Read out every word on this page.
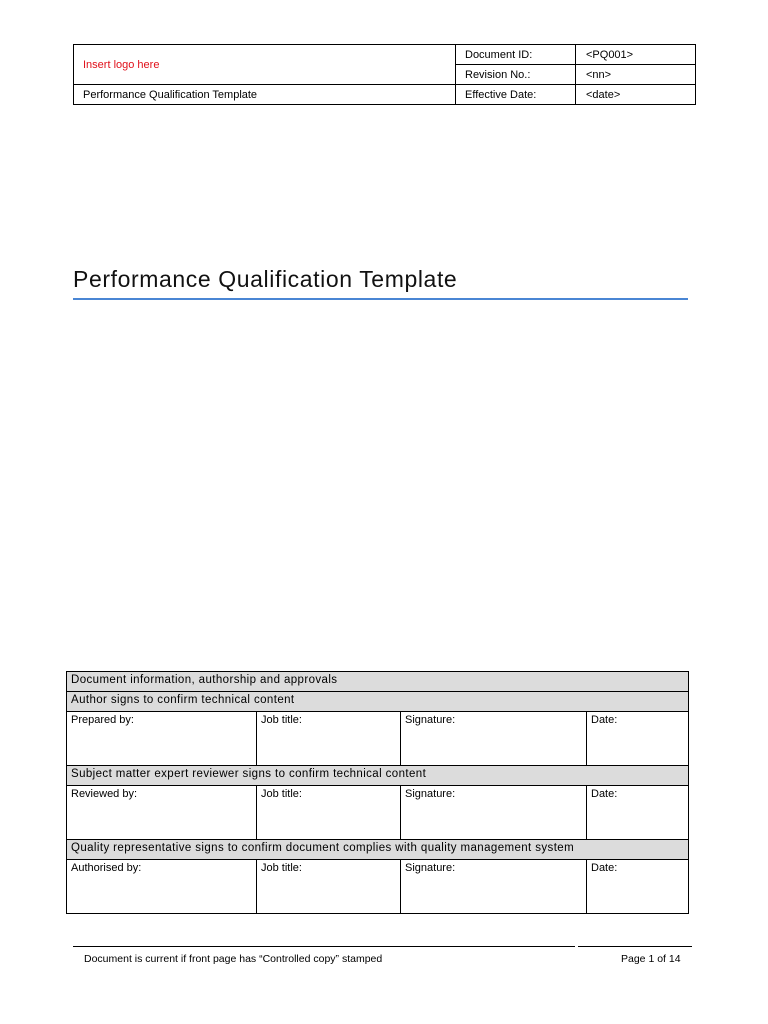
Insert logo here	Document ID:	<PQ001>
	Revision No.:	<nn>
Performance Qualification Template	Effective Date:	<date>
Performance Qualification Template
Document information, authorship and approvals			
Author signs to confirm technical content			
Prepared by:	Job title:	Signature:	Date:
Subject matter expert reviewer signs to confirm technical content			
Reviewed by:	Job title:	Signature:	Date:
Quality representative signs to confirm document complies with quality management system			
Authorised by:	Job title:	Signature:	Date:
Document is current if front page has “Controlled copy” stamped	Page 1 of 14
